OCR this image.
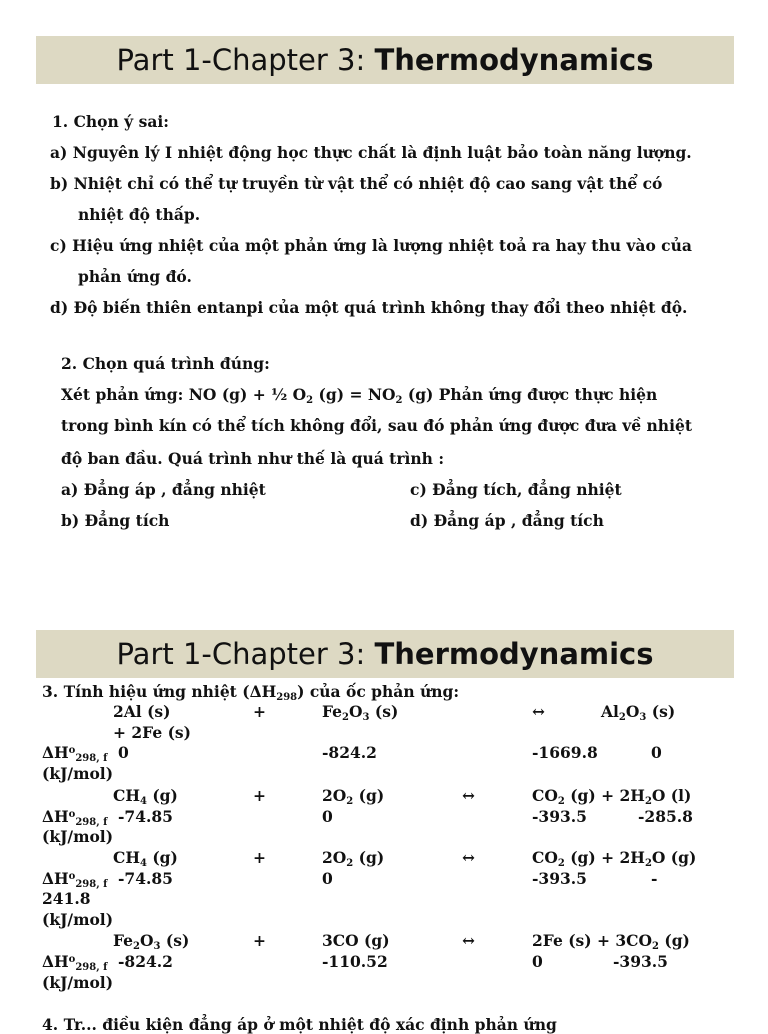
Part 1-Chapter 3:
Thermodynamics
1. Chọn ý sai:
a) Nguyên lý I nhiệt động học thực chất là định luật bảo toàn năng lượng.
b) Nhiệt chỉ có thể tự truyền từ vật thể có nhiệt độ cao sang vật thể có
nhiệt độ thấp.
c) Hiệu ứng nhiệt của một phản ứng là lượng nhiệt toả ra hay thu vào của
phản ứng đó.
d) Độ biến thiên entanpi của một quá trình không thay đổi theo nhiệt độ.
2. Chọn quá trình đúng:
Xét phản ứng: NO (g) + ½ $O_2$ $(g) = NO_2$ (g) Phản ứng được thực hiện
trong bình kín có thể tích không đổi, sau đó phản ứng được đưa về nhiệt
độ ban đầu. Quá trình như thế là quá trình :
a) Đẳng áp , đẳng nhiệt	c) Đẳng tích, đẳng nhiệt
b) Đẳng tích	d) Đẳng áp , đẳng tích
Part 1-Chapter 3:
Thermodynamics
3. Tính hiệu ứng nhiệt $(\Delta H_{298})$ của ốc phản ứng:
2Al (s)	+	$Fe_2O_3$ (s)	↔	$Al_2O_3$ (s)
+ 2Fe (s)
$\Delta H^o_{298, f}$ 0	-824.2	-1669.8	0
(kJ/mol)
$CH_4$ (g)	+	$2O_2$ (g)	↔	$CO_2$ $(g) + 2H_2O$ (l)
$\Delta H^o_{298, f}$ -74.85	0	-393.5	-285.8
(kJ/mol)
$CH_4$ (g)	+	$2O_2$ (g)	↔	$CO_2$ $(g) + 2H_2O$ (g)
$\Delta H^o_{298, f}$ -74.85	0	-393.5	-
241.8
(kJ/mol)
$Fe_2O_3$ (s)	+	3CO (g)	↔	2Fe $(s) + 3CO_2$ (g)
$\Delta H^o_{298, f}$ -824.2	-110.52	0	-393.5
(kJ/mol)
4. Tr... điều kiện đẳng áp ở một nhiệt độ xác định phản ứng
